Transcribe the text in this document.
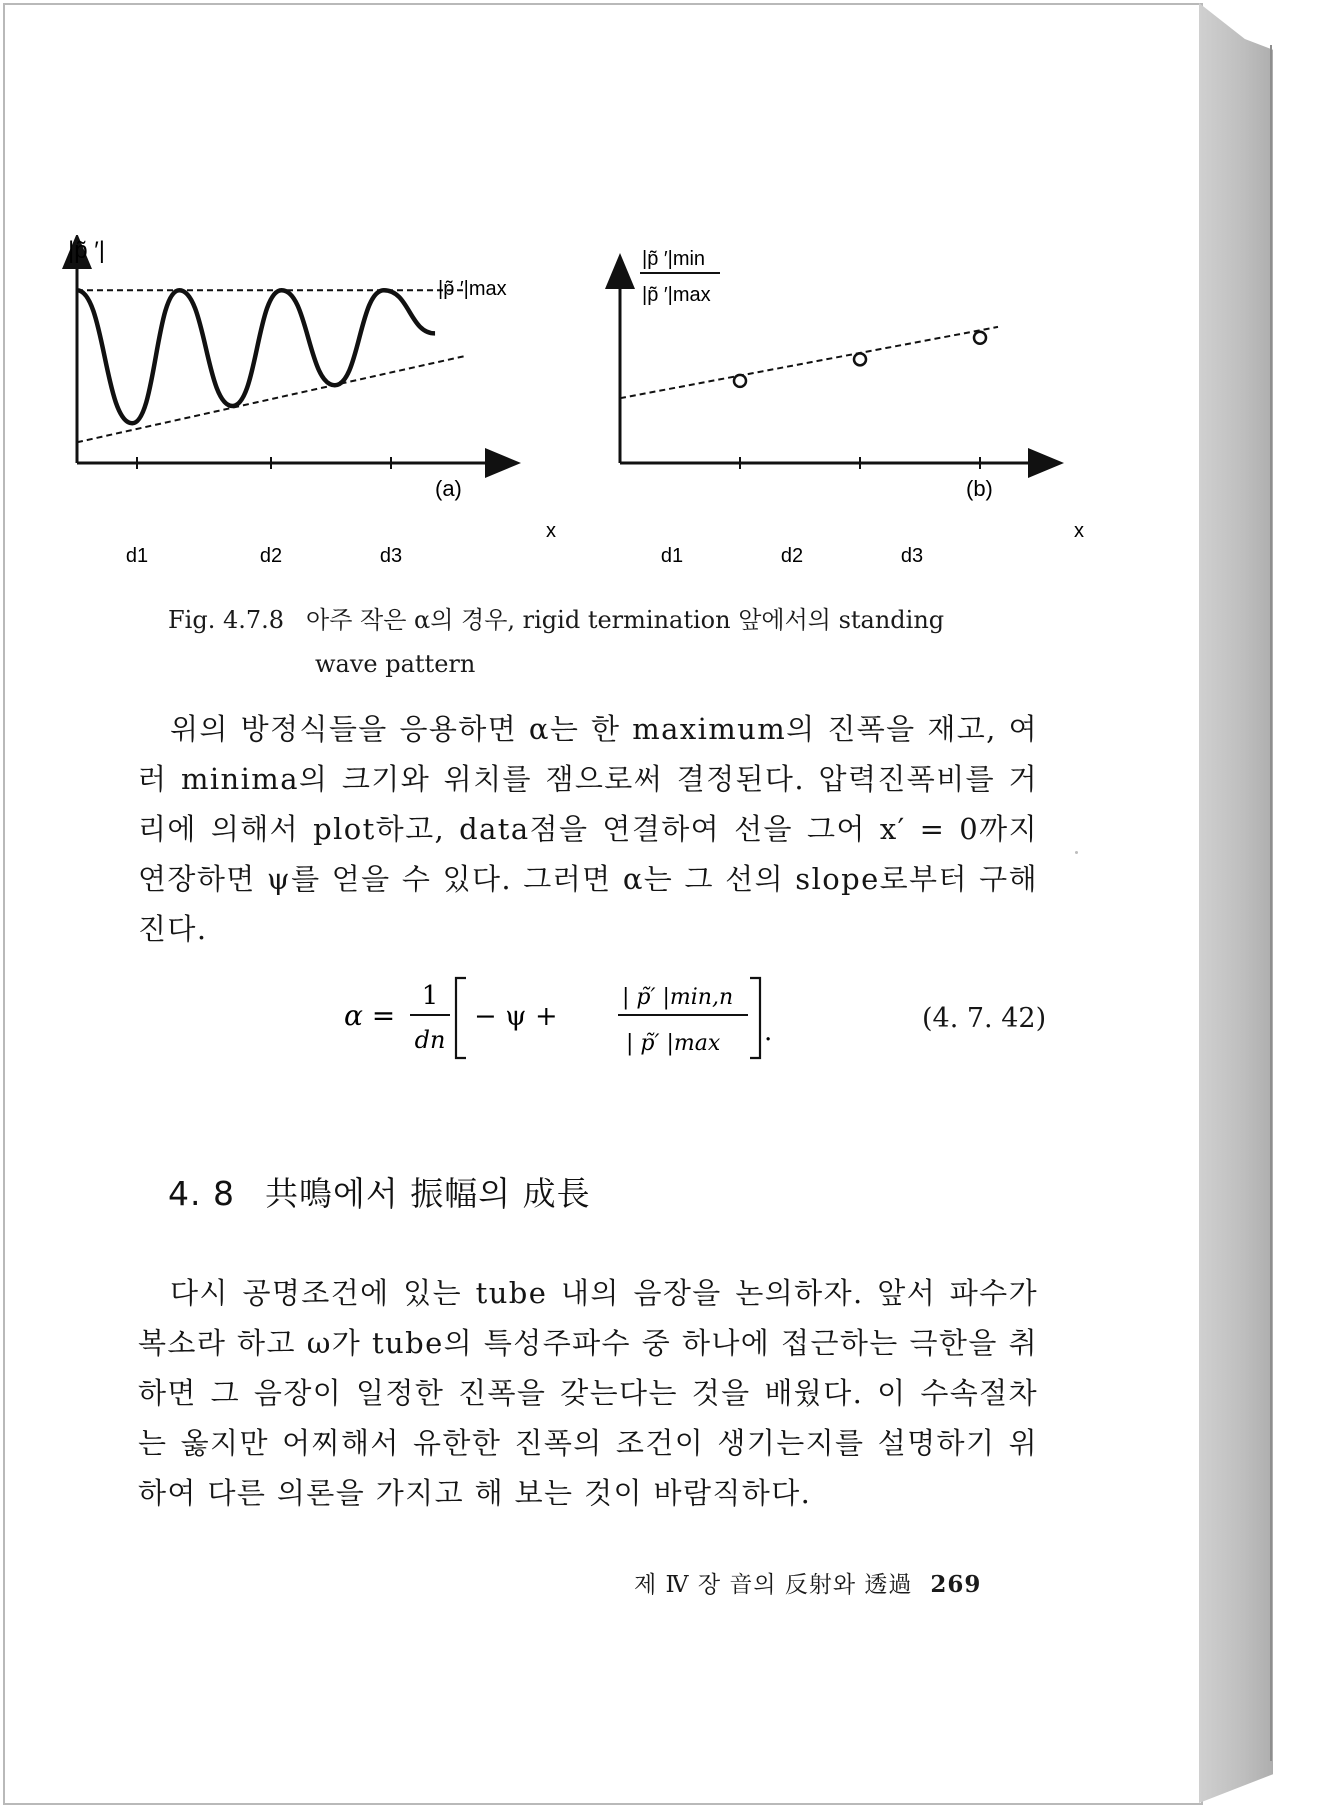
|p̃ ′|
|p̃ ′|max
(a)
x
d1	d2	d3
|p̃ ′|min
|p̃ ′|max
(b)
x
d1	d2	d3
Fig. 4.7.8 아주 작은 α의 경우, rigid termination 앞에서의 standing
wave pattern
위의 방정식들을 응용하면 α는 한 maximum의 진폭을 재고, 여러 minima의 크기와 위치를 잼으로써 결정된다. 압력진폭비를 거리에 의해서 plot하고, data점을 연결하여 선을 그어 x′ = 0까지 연장하면 ψ를 얻을 수 있다. 그러면 α는 그 선의 slope로부터 구해진다.
α =
1
dn
− ψ +
| p̃′ |min,n
| p̃′ |max .	(4. 7. 42)
4. 8 共鳴에서 振幅의 成長
다시 공명조건에 있는 tube 내의 음장을 논의하자. 앞서 파수가 복소라 하고 ω가 tube의 특성주파수 중 하나에 접근하는 극한을 취하면 그 음장이 일정한 진폭을 갖는다는 것을 배웠다. 이 수속절차는 옳지만 어찌해서 유한한 진폭의 조건이 생기는지를 설명하기 위하여 다른 의론을 가지고 해 보는 것이 바람직하다.
제 Ⅳ 장 音의 反射와 透過 269
